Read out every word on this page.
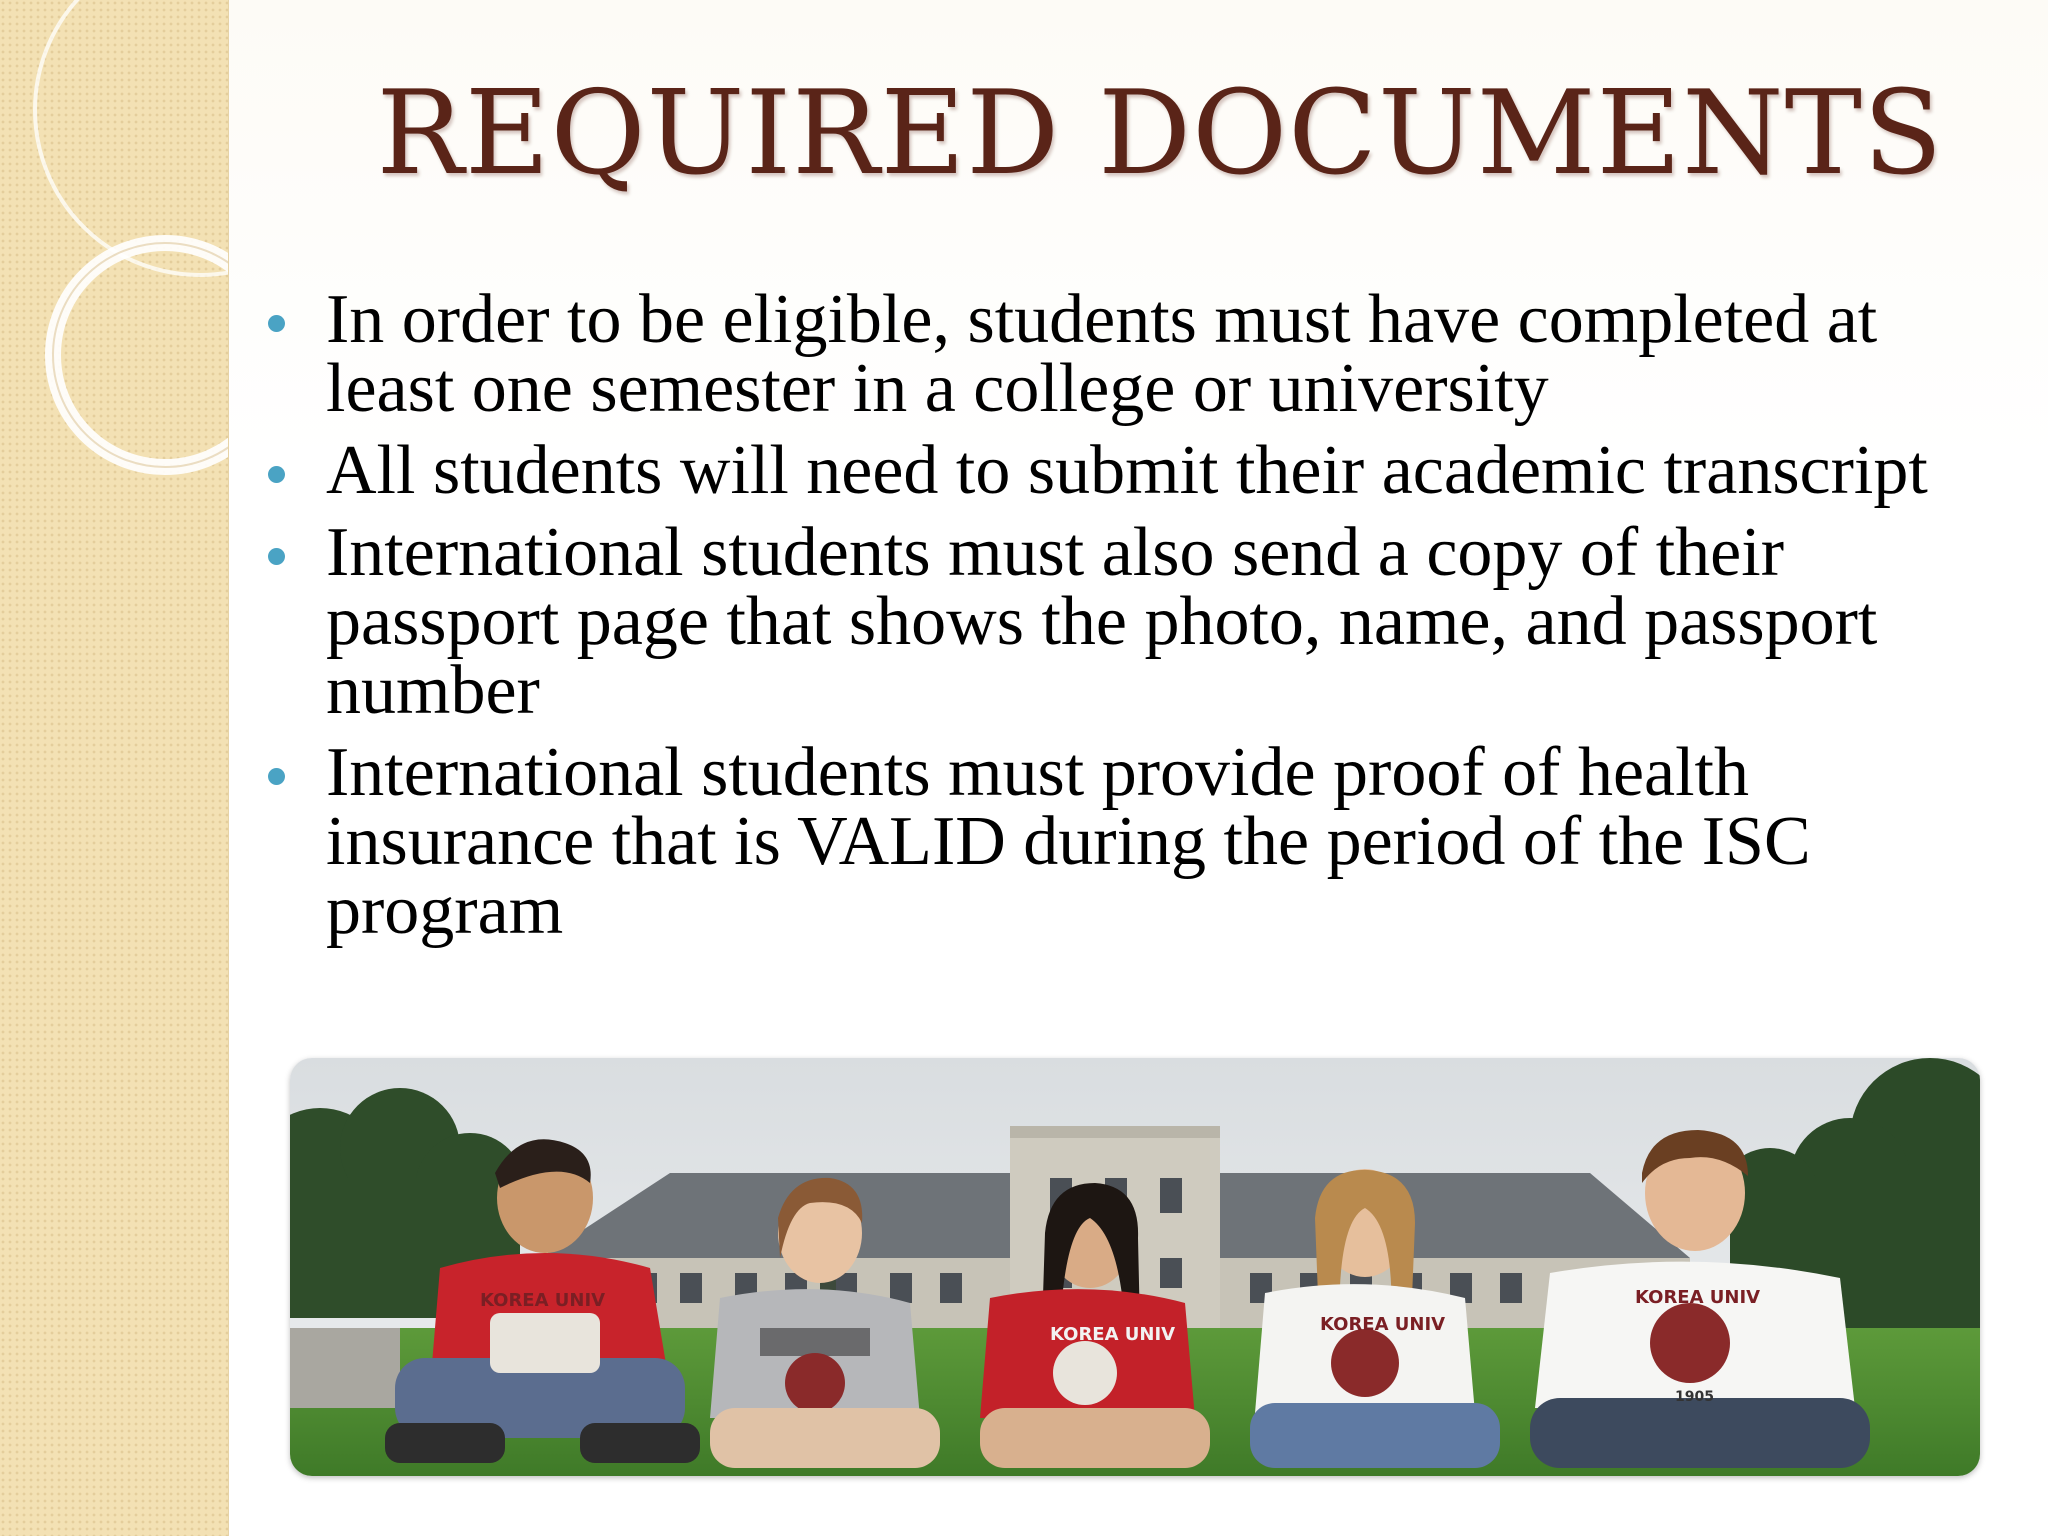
REQUIRED DOCUMENTS
In order to be eligible, students must have completed at least one semester in a college or university
All students will need to submit their academic transcript
International students must also send a copy of their passport page that shows the photo, name, and passport number
International students must provide proof of health insurance that is VALID during the period of the ISC program
KOREA UNIV
KOREA UNIV	KOREA UNIV
KOREA UNIV
1905
